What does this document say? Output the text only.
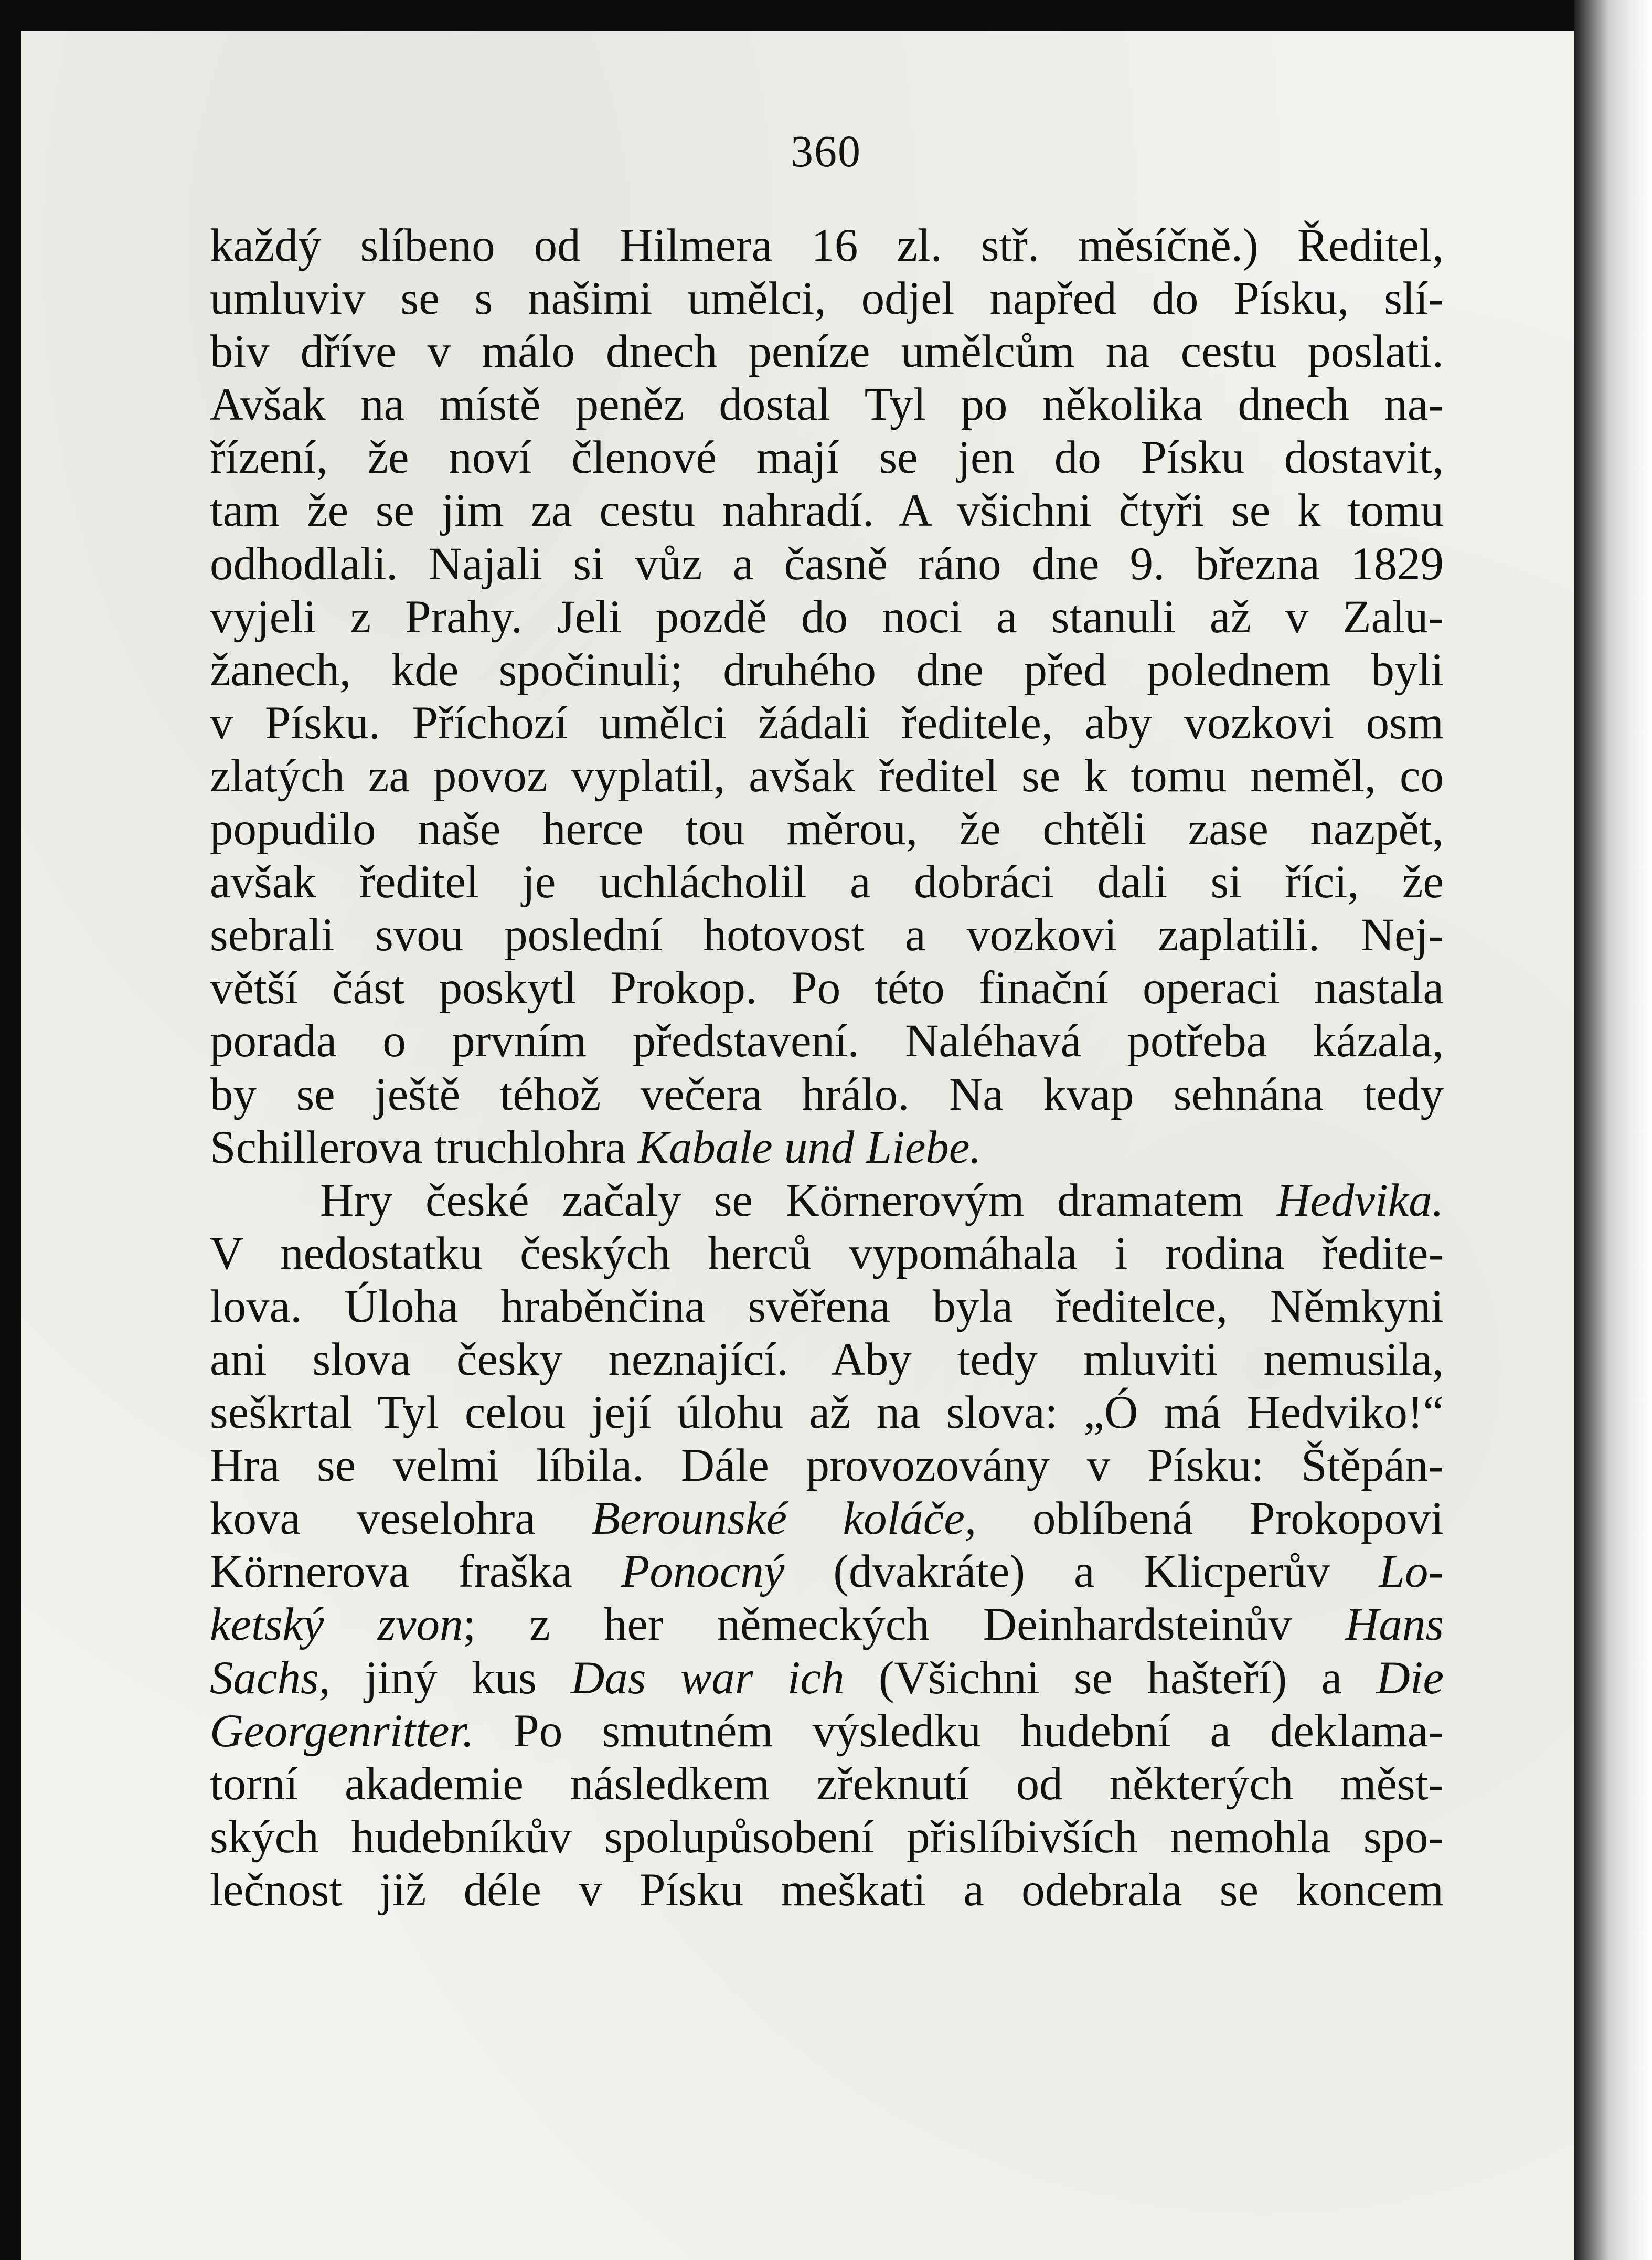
360
každý slíbeno od Hilmera 16 zl. stř. měsíčně.) Ředitel,
umluviv se s našimi umělci, odjel napřed do Písku, slí-
biv dříve v málo dnech peníze umělcům na cestu poslati.
Avšak na místě peněz dostal Tyl po několika dnech na-
řízení, že noví členové mají se jen do Písku dostavit,
tam že se jim za cestu nahradí. A všichni čtyři se k tomu
odhodlali. Najali si vůz a časně ráno dne 9. března 1829
vyjeli z Prahy. Jeli pozdě do noci a stanuli až v Zalu-
žanech, kde spočinuli; druhého dne před polednem byli
v Písku. Příchozí umělci žádali ředitele, aby vozkovi osm
zlatých za povoz vyplatil, avšak ředitel se k tomu neměl, co
popudilo naše herce tou měrou, že chtěli zase nazpět,
avšak ředitel je uchlácholil a dobráci dali si říci, že
sebrali svou poslední hotovost a vozkovi zaplatili. Nej-
větší část poskytl Prokop. Po této finační operaci nastala
porada o prvním představení. Naléhavá potřeba kázala,
by se ještě téhož večera hrálo. Na kvap sehnána tedy
Schillerova truchlohra Kabale und Liebe.
Hry české začaly se Körnerovým dramatem Hedvika.
V nedostatku českých herců vypomáhala i rodina ředite-
lova. Úloha hraběnčina svěřena byla ředitelce, Němkyni
ani slova česky neznající. Aby tedy mluviti nemusila,
seškrtal Tyl celou její úlohu až na slova: „Ó má Hedviko!“
Hra se velmi líbila. Dále provozovány v Písku: Štěpán-
kova veselohra Berounské koláče, oblíbená Prokopovi
Körnerova fraška Ponocný (dvakráte) a Klicperův Lo-
ketský zvon; z her německých Deinhardsteinův Hans
Sachs, jiný kus Das war ich (Všichni se hašteří) a Die
Georgenritter. Po smutném výsledku hudební a deklama-
torní akademie následkem zřeknutí od některých měst-
ských hudebníkův spolupůsobení přislíbivších nemohla spo-
lečnost již déle v Písku meškati a odebrala se koncem
